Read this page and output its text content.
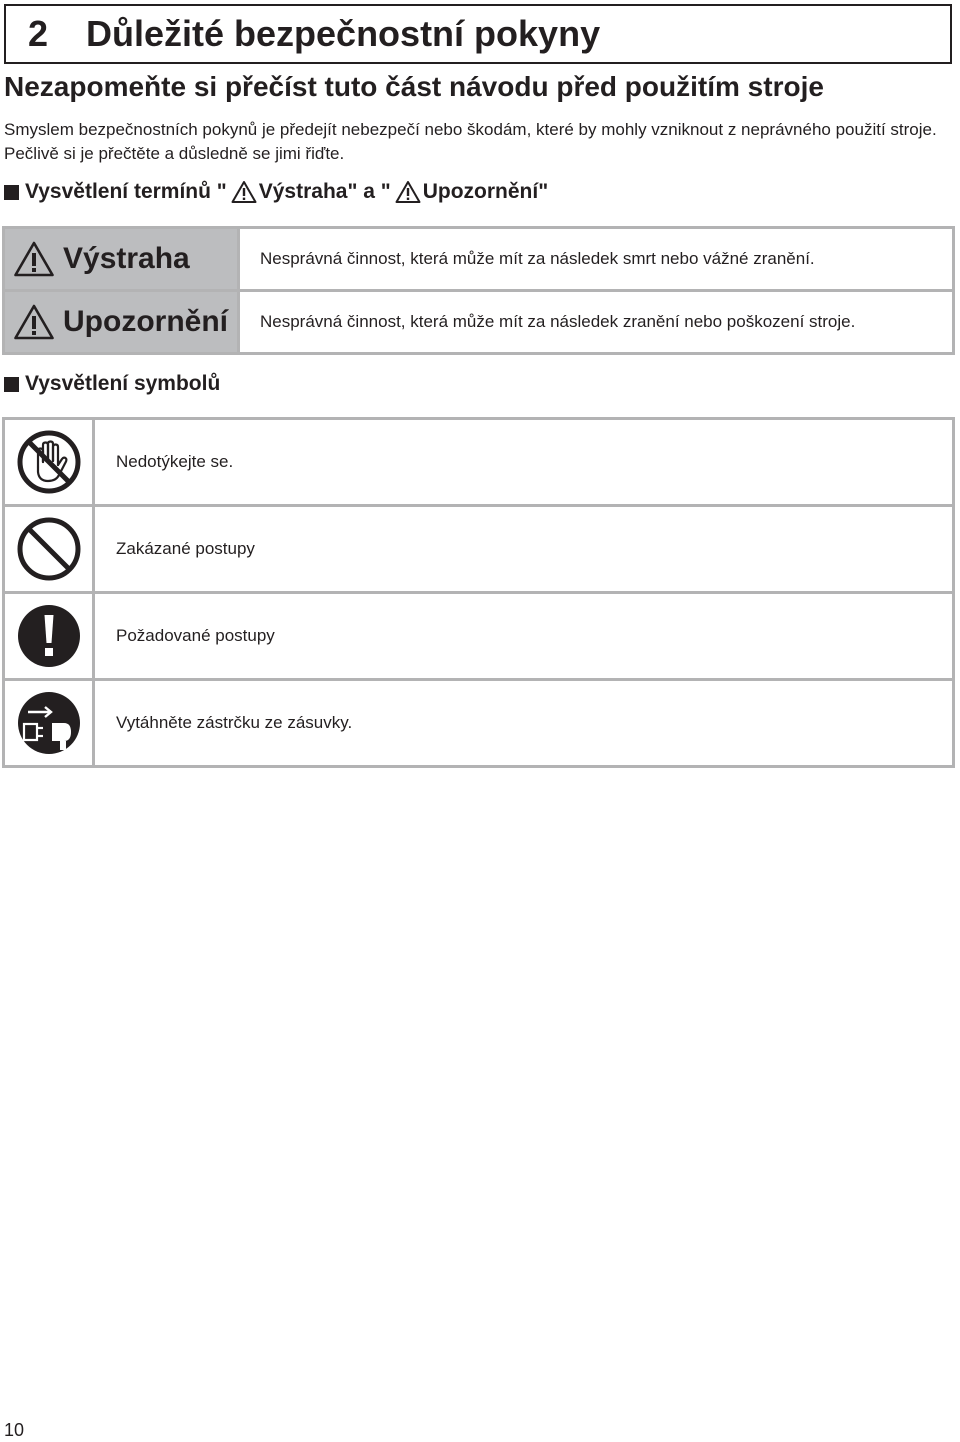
2	Důležité bezpečnostní pokyny
Nezapomeňte si přečíst tuto část návodu před použitím stroje
Smyslem bezpečnostních pokynů je předejít nebezpečí nebo škodám, které by mohly vzniknout z neprávného použití stroje. Pečlivě si je přečtěte a důsledně se jimi řiďte.
Vysvětlení termínů " Výstraha" a " Upozornění"
Výstraha	Nesprávná činnost, která může mít za následek smrt nebo vážné zranění.

Upozornění	Nesprávná činnost, která může mít za následek zranění nebo poškození stroje.
Vysvětlení symbolů
	Nedotýkejte se.

	Zakázané postupy

	Požadované postupy

	Vytáhněte zástrčku ze zásuvky.
10
